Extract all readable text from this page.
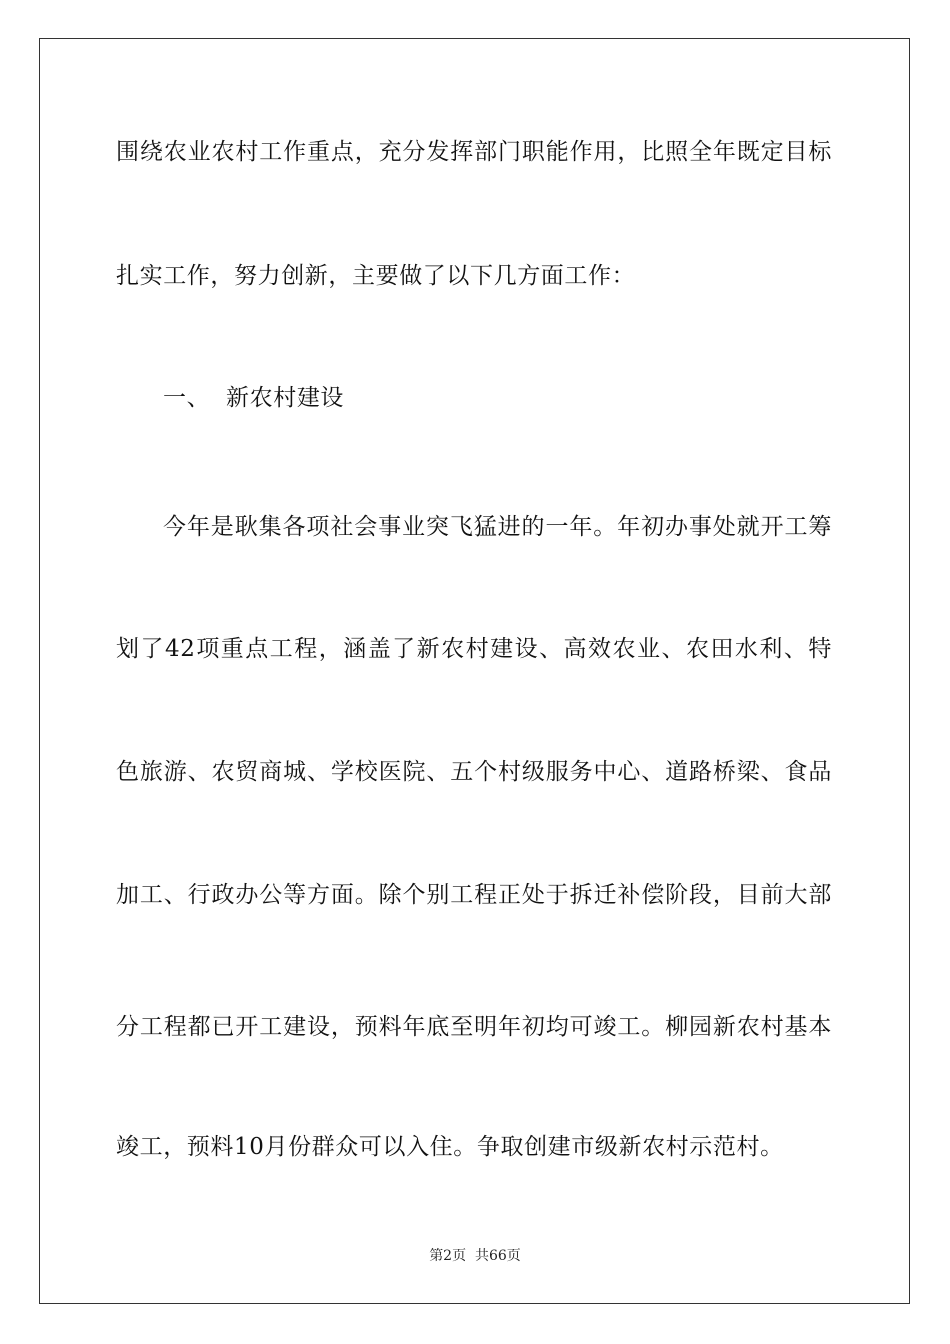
围绕农业农村工作重点，充分发挥部门职能作用，比照全年既定目标
扎实工作，努力创新，主要做了以下几方面工作：
一、  新农村建设
今年是耿集各项社会事业突飞猛进的一年。年初办事处就开工筹
划了42项重点工程，涵盖了新农村建设、高效农业、农田水利、特
色旅游、农贸商城、学校医院、五个村级服务中心、道路桥梁、食品
加工、行政办公等方面。除个别工程正处于拆迁补偿阶段，目前大部
分工程都已开工建设，预料年底至明年初均可竣工。柳园新农村基本
竣工，预料10月份群众可以入住。争取创建市级新农村示范村。
第2页  共66页
